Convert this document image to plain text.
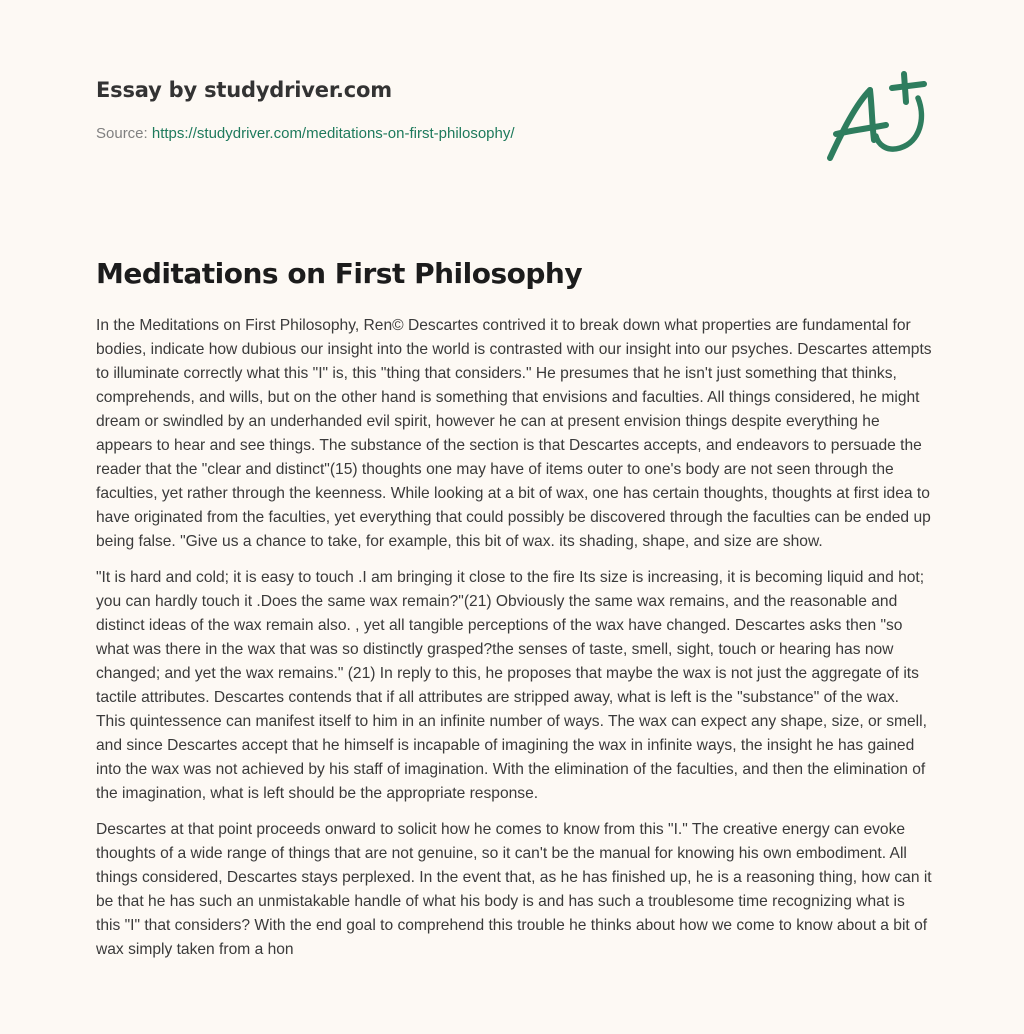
Essay by studydriver.com
Source: https://studydriver.com/meditations-on-first-philosophy/
Meditations on First Philosophy

In the Meditations on First Philosophy, Ren© Descartes contrived it to break down what properties are fundamental for bodies, indicate how dubious our insight into the world is contrasted with our insight into our psyches. Descartes attempts to illuminate correctly what this "I" is, this "thing that considers." He presumes that he isn't just something that thinks, comprehends, and wills, but on the other hand is something that envisions and faculties. All things considered, he might dream or swindled by an underhanded evil spirit, however he can at present envision things despite everything he appears to hear and see things. The substance of the section is that Descartes accepts, and endeavors to persuade the reader that the "clear and distinct"(15) thoughts one may have of items outer to one's body are not seen through the faculties, yet rather through the keenness. While looking at a bit of wax, one has certain thoughts, thoughts at first idea to have originated from the faculties, yet everything that could possibly be discovered through the faculties can be ended up being false. "Give us a chance to take, for example, this bit of wax. its shading, shape, and size are show.

"It is hard and cold; it is easy to touch .I am bringing it close to the fire Its size is increasing, it is becoming liquid and hot; you can hardly touch it .Does the same wax remain?"(21) Obviously the same wax remains, and the reasonable and distinct ideas of the wax remain also. , yet all tangible perceptions of the wax have changed. Descartes asks then "so what was there in the wax that was so distinctly grasped?the senses of taste, smell, sight, touch or hearing has now changed; and yet the wax remains." (21) In reply to this, he proposes that maybe the wax is not just the aggregate of its tactile attributes. Descartes contends that if all attributes are stripped away, what is left is the "substance" of the wax. This quintessence can manifest itself to him in an infinite number of ways. The wax can expect any shape, size, or smell, and since Descartes accept that he himself is incapable of imagining the wax in infinite ways, the insight he has gained into the wax was not achieved by his staff of imagination. With the elimination of the faculties, and then the elimination of the imagination, what is left should be the appropriate response.

Descartes at that point proceeds onward to solicit how he comes to know from this "I." The creative energy can evoke thoughts of a wide range of things that are not genuine, so it can't be the manual for knowing his own embodiment. All things considered, Descartes stays perplexed. In the event that, as he has finished up, he is a reasoning thing, how can it be that he has such an unmistakable handle of what his body is and has such a troublesome time recognizing what is this "I" that considers? With the end goal to comprehend this trouble he thinks about how we come to know about a bit of wax simply taken from a hon
